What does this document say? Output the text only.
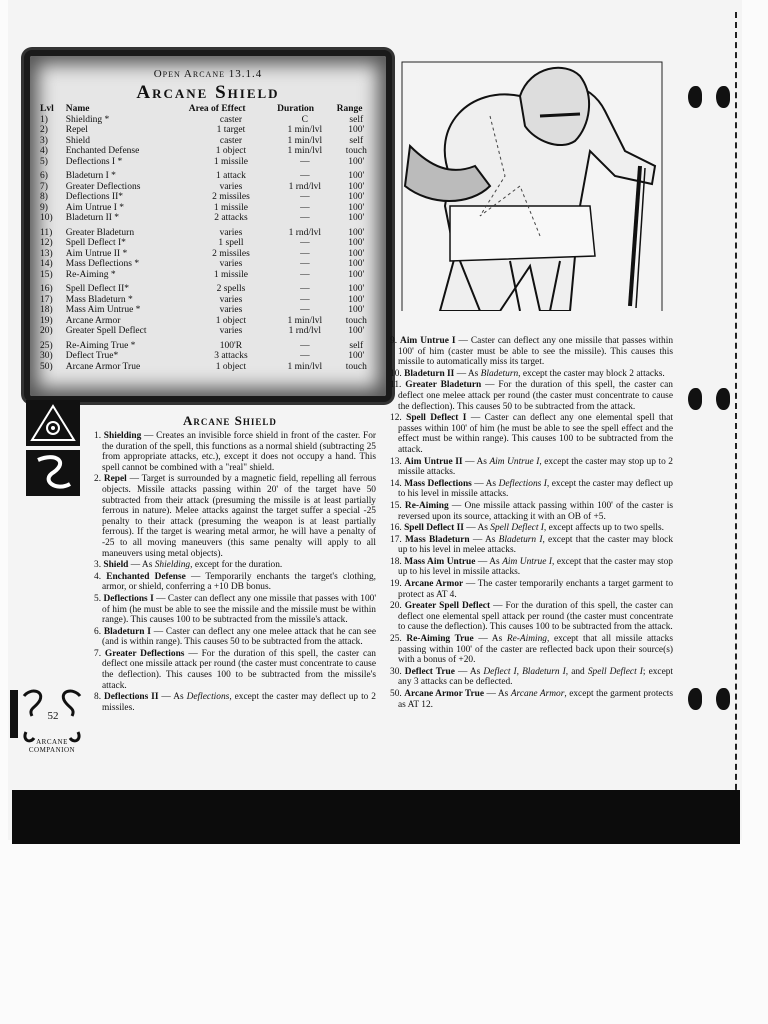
Open Arcane 13.1.4
Arcane Shield
Lvl	Name	Area of Effect	Duration	Range
1)	Shielding *	caster	C	self
2)	Repel	1 target	1 min/lvl	100'
3)	Shield	caster	1 min/lvl	self
4)	Enchanted Defense	1 object	1 min/lvl	touch
5)	Deflections I *	1 missile	—	100'

6)	Bladeturn I *	1 attack	—	100'
7)	Greater Deflections	varies	1 rnd/lvl	100'
8)	Deflections II*	2 missiles	—	100'
9)	Aim Untrue I *	1 missile	—	100'
10)	Bladeturn II *	2 attacks	—	100'

11)	Greater Bladeturn	varies	1 rnd/lvl	100'
12)	Spell Deflect I*	1 spell	—	100'
13)	Aim Untrue II *	2 missiles	—	100'
14)	Mass Deflections *	varies	—	100'
15)	Re-Aiming *	1 missile	—	100'

16)	Spell Deflect II*	2 spells	—	100'
17)	Mass Bladeturn *	varies	—	100'
18)	Mass Aim Untrue *	varies	—	100'
19)	Arcane Armor	1 object	1 min/lvl	touch
20)	Greater Spell Deflect	varies	1 rnd/lvl	100'

25)	Re-Aiming True *	100'R	—	self
30)	Deflect True*	3 attacks	—	100'
50)	Arcane Armor True	1 object	1 min/lvl	touch
52
ARCANE
COMPANION
Arcane Shield

1. Shielding — Creates an invisible force shield in front of the caster. For the duration of the spell, this functions as a normal shield (subtracting 25 from appropriate attacks, etc.), except it does not occupy a hand. This spell cannot be combined with a "real" shield.

2. Repel — Target is surrounded by a magnetic field, repelling all ferrous objects. Missile attacks passing within 20' of the target have 50 subtracted from their attack (presuming the missile is at least partially ferrous in nature). Melee attacks against the target suffer a special -25 penalty to their attack (presuming the weapon is at least partially ferrous). If the target is wearing metal armor, he will have a penalty of -25 to all moving maneuvers (this same penalty will apply to all maneuvers using metal objects).

3. Shield — As Shielding, except for the duration.

4. Enchanted Defense — Temporarily enchants the target's clothing, armor, or shield, conferring a +10 DB bonus.

5. Deflections I — Caster can deflect any one missile that passes with 100' of him (he must be able to see the missile and the missile must be within range). This causes 100 to be subtracted from the missile's attack.

6. Bladeturn I — Caster can deflect any one melee attack that he can see (and is within range). This causes 50 to be subtracted from the attack.

7. Greater Deflections — For the duration of this spell, the caster can deflect one missile attack per round (the caster must concentrate to cause the deflection). This causes 100 to be subtracted from the missile's attack.

8. Deflections II — As Deflections, except the caster may deflect up to 2 missiles.

9. Aim Untrue I — Caster can deflect any one missile that passes within 100' of him (caster must be able to see the missile). This causes this missile to automatically miss its target.

10. Bladeturn II — As Bladeturn, except the caster may block 2 attacks.

11. Greater Bladeturn — For the duration of this spell, the caster can deflect one melee attack per round (the caster must concentrate to cause the deflection). This causes 50 to be subtracted from the attack.

12. Spell Deflect I — Caster can deflect any one elemental spell that passes within 100' of him (he must be able to see the spell effect and the effect must be within range). This causes 100 to be subtracted from the attack.

13. Aim Untrue II — As Aim Untrue I, except the caster may stop up to 2 missile attacks.

14. Mass Deflections — As Deflections I, except the caster may deflect up to his level in missile attacks.

15. Re-Aiming — One missile attack passing within 100' of the caster is reversed upon its source, attacking it with an OB of +5.

16. Spell Deflect II — As Spell Deflect I, except affects up to two spells.

17. Mass Bladeturn — As Bladeturn I, except that the caster may block up to his level in melee attacks.

18. Mass Aim Untrue — As Aim Untrue I, except that the caster may stop up to his level in missile attacks.

19. Arcane Armor — The caster temporarily enchants a target garment to protect as AT 4.

20. Greater Spell Deflect — For the duration of this spell, the caster can deflect one elemental spell attack per round (the caster must concentrate to cause the deflection). This causes 100 to be subtracted from the attack.

25. Re-Aiming True — As Re-Aiming, except that all missile attacks passing within 100' of the caster are reflected back upon their source(s) with a bonus of +20.

30. Deflect True — As Deflect I, Bladeturn I, and Spell Deflect I; except any 3 attacks can be deflected.

50. Arcane Armor True — As Arcane Armor, except the garment protects as AT 12.
